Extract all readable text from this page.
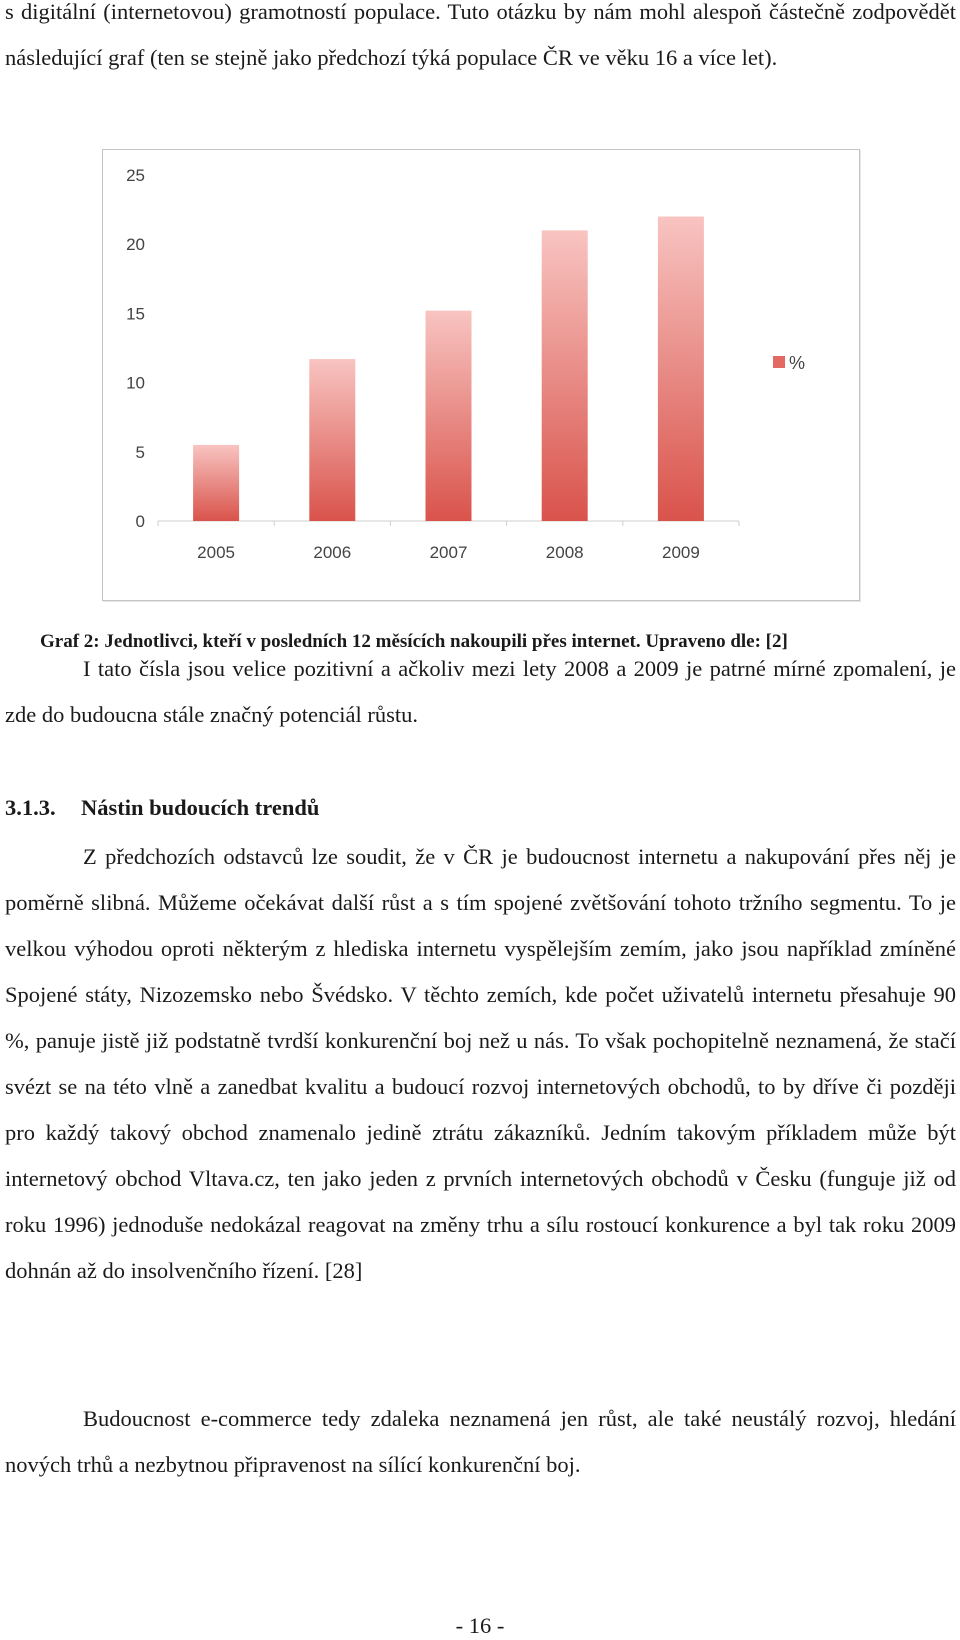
s digitální (internetovou) gramotností populace. Tuto otázku by nám mohl alespoň částečně zodpovědět následující graf (ten se stejně jako předchozí týká populace ČR ve věku 16 a více let).

0
5
10
15
20
25
2005	2006	2007	2008	2009
%

Graf 2: Jednotlivci, kteří v posledních 12 měsících nakoupili přes internet. Upraveno dle: [2]

I tato čísla jsou velice pozitivní a ačkoliv mezi lety 2008 a 2009 je patrné mírné zpomalení, je zde do budoucna stále značný potenciál růstu.

3.1.3. Nástin budoucích trendů

Z předchozích odstavců lze soudit, že v ČR je budoucnost internetu a nakupování přes něj je poměrně slibná. Můžeme očekávat další růst a s tím spojené zvětšování tohoto tržního segmentu. To je velkou výhodou oproti některým z hlediska internetu vyspělejším zemím, jako jsou například zmíněné Spojené státy, Nizozemsko nebo Švédsko. V těchto zemích, kde počet uživatelů internetu přesahuje 90 %, panuje jistě již podstatně tvrdší konkurenční boj než u nás. To však pochopitelně neznamená, že stačí svézt se na této vlně a zanedbat kvalitu a budoucí rozvoj internetových obchodů, to by dříve či později pro každý takový obchod znamenalo jedině ztrátu zákazníků. Jedním takovým příkladem může být internetový obchod Vltava.cz, ten jako jeden z prvních internetových obchodů v Česku (funguje již od roku 1996) jednoduše nedokázal reagovat na změny trhu a sílu rostoucí konkurence a byl tak roku 2009 dohnán až do insolvenčního řízení. [28]

Budoucnost e-commerce tedy zdaleka neznamená jen růst, ale také neustálý rozvoj, hledání nových trhů a nezbytnou připravenost na sílící konkurenční boj.

- 16 -
